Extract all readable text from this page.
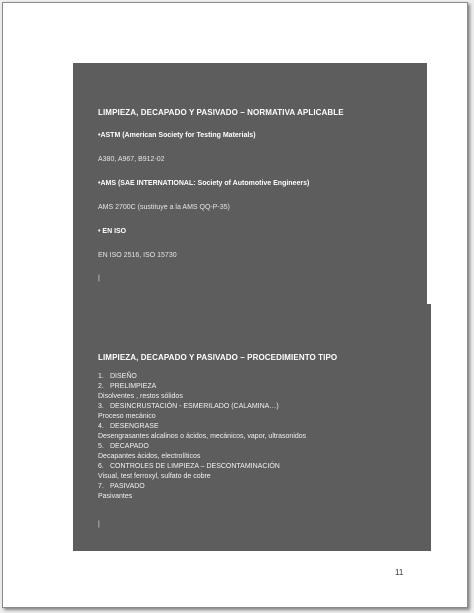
LIMPIEZA, DECAPADO Y PASIVADO – NORMATIVA APLICABLE
•ASTM (American Society for Testing Materials)
A380, A967, B912-02
•AMS (SAE INTERNATIONAL: Society of Automotive Engineers)
AMS 2700C (sustituye a la AMS QQ-P-35)
• EN ISO
EN ISO 2516, ISO 15730
|
LIMPIEZA, DECAPADO Y PASIVADO – PROCEDIMIENTO TIPO
1. DISEÑO
2. PRELIMPIEZA
Disolventes , restos sólidos
3. DESINCRUSTACIÓN - ESMERILADO (CALAMINA…)
Proceso mecánico
4. DESENGRASE
Desengrasantes alcalinos o ácidos, mecánicos, vapor, ultrasonidos
5. DECAPADO
Decapantes ácidos, electrolíticos
6. CONTROLES DE LIMPIEZA – DESCONTAMINACIÓN
Visual, test ferroxyl, sulfato de cobre
7. PASIVADO
Pasivantes
|
11
